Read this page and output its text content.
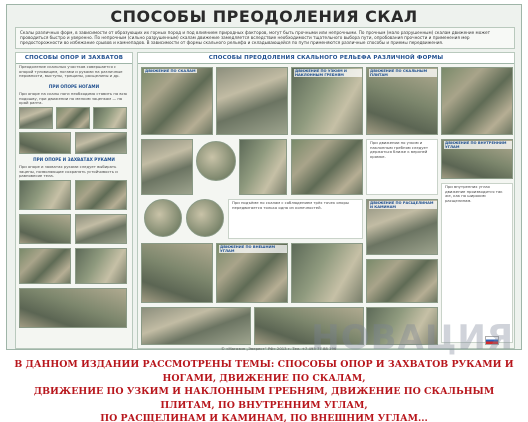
СПОСОБЫ ПРЕОДОЛЕНИЯ СКАЛ
Скалы различных форм, в зависимости от образующих их горных пород и под влиянием природных факторов, могут быть прочными или непрочными. По прочным (мало разрушенным) скалам движение может проводиться быстро и уверенно. По непрочным (сильно разрушенным) скалам движение замедляется вследствие необходимости тщательного выбора пути, опробования прочности и применения мер предосторожности во избежание срывов и камнепадов. В зависимости от формы скального рельефа и складывающейся по пути применяются различные способы и приемы передвижения.
СПОСОБЫ ОПОР И ЗАХВАТОВ
Преодоление скальных участков совершается с опорой туловищем, ногами и руками на различные неровности, выступы, трещины, расщелины и др.
ПРИ ОПОРЕ НОГАМИ
При опоре на скалы ноги необходимо ставить на всю подошву, при движении по мелким зацепкам — на край ранта.
ПРИ ОПОРЕ И ЗАХВАТАХ РУКАМИ
При опоре и захватах руками следует выбирать зацепы, позволяющие сохранять устойчивость и равновесие тела.
СПОСОБЫ ПРЕОДОЛЕНИЯ СКАЛЬНОГО РЕЛЬЕФА РАЗЛИЧНОЙ ФОРМЫ
ДВИЖЕНИЕ ПО СКАЛАМ	ДВИЖЕНИЕ ПО УЗКИМ И НАКЛОННЫМ ГРЕБНЯМ
ДВИЖЕНИЕ ПО СКАЛЬНЫМ ПЛИТАМ
При движении по узким и наклонным гребням следует держаться ближе к верхней кромке.
ДВИЖЕНИЕ ПО ВНУТРЕННИМ УГЛАМ
При подъёме по скалам с соблюдением трёх точек опоры передвигается только одна из конечностей.
ДВИЖЕНИЕ ПО РАСЩЕЛИНАМ И КАМИНАМ
При внутренних углах движение производится так же, как по широким расщелинам.
ДВИЖЕНИЕ ПО ВНЕШНИМ УГЛАМ
© «Магазин „Эверест“ РФ» 2013 г. Тел. +7 495 77 88 196
НОВАЦИЯ
В ДАННОМ ИЗДАНИИ РАССМОТРЕНЫ ТЕМЫ: СПОСОБЫ ОПОР И ЗАХВАТОВ РУКАМИ И НОГАМИ, ДВИЖЕНИЕ ПО СКАЛАМ,
ДВИЖЕНИЕ ПО УЗКИМ И НАКЛОННЫМ ГРЕБНЯМ, ДВИЖЕНИЕ ПО СКАЛЬНЫМ ПЛИТАМ, ПО ВНУТРЕННИМ УГЛАМ,
ПО РАСЩЕЛИНАМ И КАМИНАМ, ПО ВНЕШНИМ УГЛАМ...
